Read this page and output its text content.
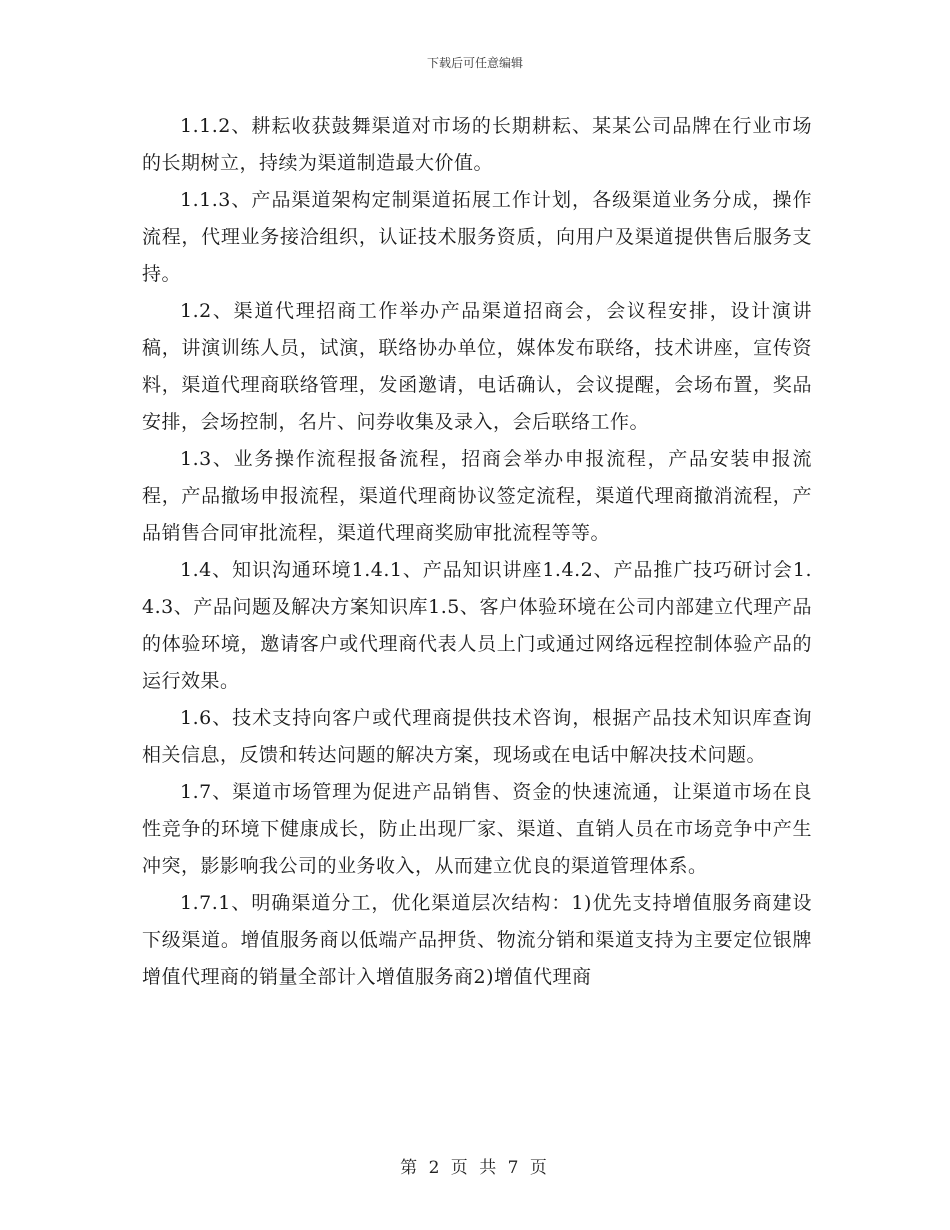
下载后可任意编辑

1.1.2、耕耘收获鼓舞渠道对市场的长期耕耘、某某公司品牌在行业市场的长期树立，持续为渠道制造最大价值。

1.1.3、产品渠道架构定制渠道拓展工作计划，各级渠道业务分成，操作流程，代理业务接洽组织，认证技术服务资质，向用户及渠道提供售后服务支持。

1.2、渠道代理招商工作举办产品渠道招商会，会议程安排，设计演讲 稿，讲演训练人员，试演，联络协办单位，媒体发布联络，技术讲座，宣传资料，渠道代理商联络管理，发函邀请，电话确认，会议提醒，会场布置，奖品安排，会场控制，名片、问券收集及录入，会后联络工作。

1.3、业务操作流程报备流程，招商会举办申报流程，产品安装申报流程，产品撤场申报流程，渠道代理商协议签定流程，渠道代理商撤消流程，产品销售合同审批流程，渠道代理商奖励审批流程等等。

1.4、知识沟通环境1.4.1、产品知识讲座1.4.2、产品推广技巧研讨会1.4.3、产品问题及解决方案知识库1.5、客户体验环境在公司内部建立代理产品的体验环境，邀请客户或代理商代表人员上门或通过网络远程控制体验产品的运行效果。

1.6、技术支持向客户或代理商提供技术咨询，根据产品技术知识库查询相关信息，反馈和转达问题的解决方案，现场或在电话中解决技术问题。

1.7、渠道市场管理为促进产品销售、资金的快速流通，让渠道市场在良性竞争的环境下健康成长，防止出现厂家、渠道、直销人员在市场竞争中产生冲突，影影响我公司的业务收入，从而建立优良的渠道管理体系。

1.7.1、明确渠道分工，优化渠道层次结构：1)优先支持增值服务商建设下级渠道。增值服务商以低端产品押货、物流分销和渠道支持为主要定位银牌增值代理商的销量全部计入增值服务商2)增值代理商

第 2 页 共 7 页
